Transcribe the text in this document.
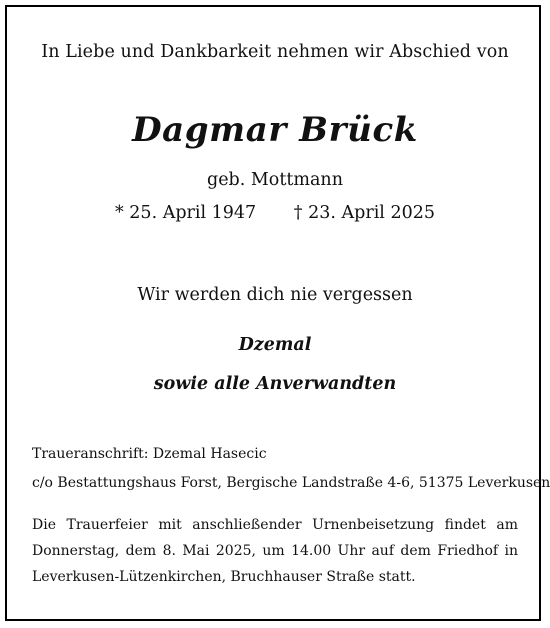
In Liebe und Dankbarkeit nehmen wir Abschied von
Dagmar Brück
geb. Mottmann
* 25. April 1947 † 23. April 2025
Wir werden dich nie vergessen
Dzemal
sowie alle Anverwandten
Traueranschrift: Dzemal Hasecic
c/o Bestattungshaus Forst, Bergische Landstraße 4-6, 51375 Leverkusen
Die Trauerfeier mit anschließender Urnenbeisetzung findet am Donnerstag, dem 8. Mai 2025, um 14.00 Uhr auf dem Friedhof in Leverkusen-Lützenkirchen, Bruchhauser Straße statt.
